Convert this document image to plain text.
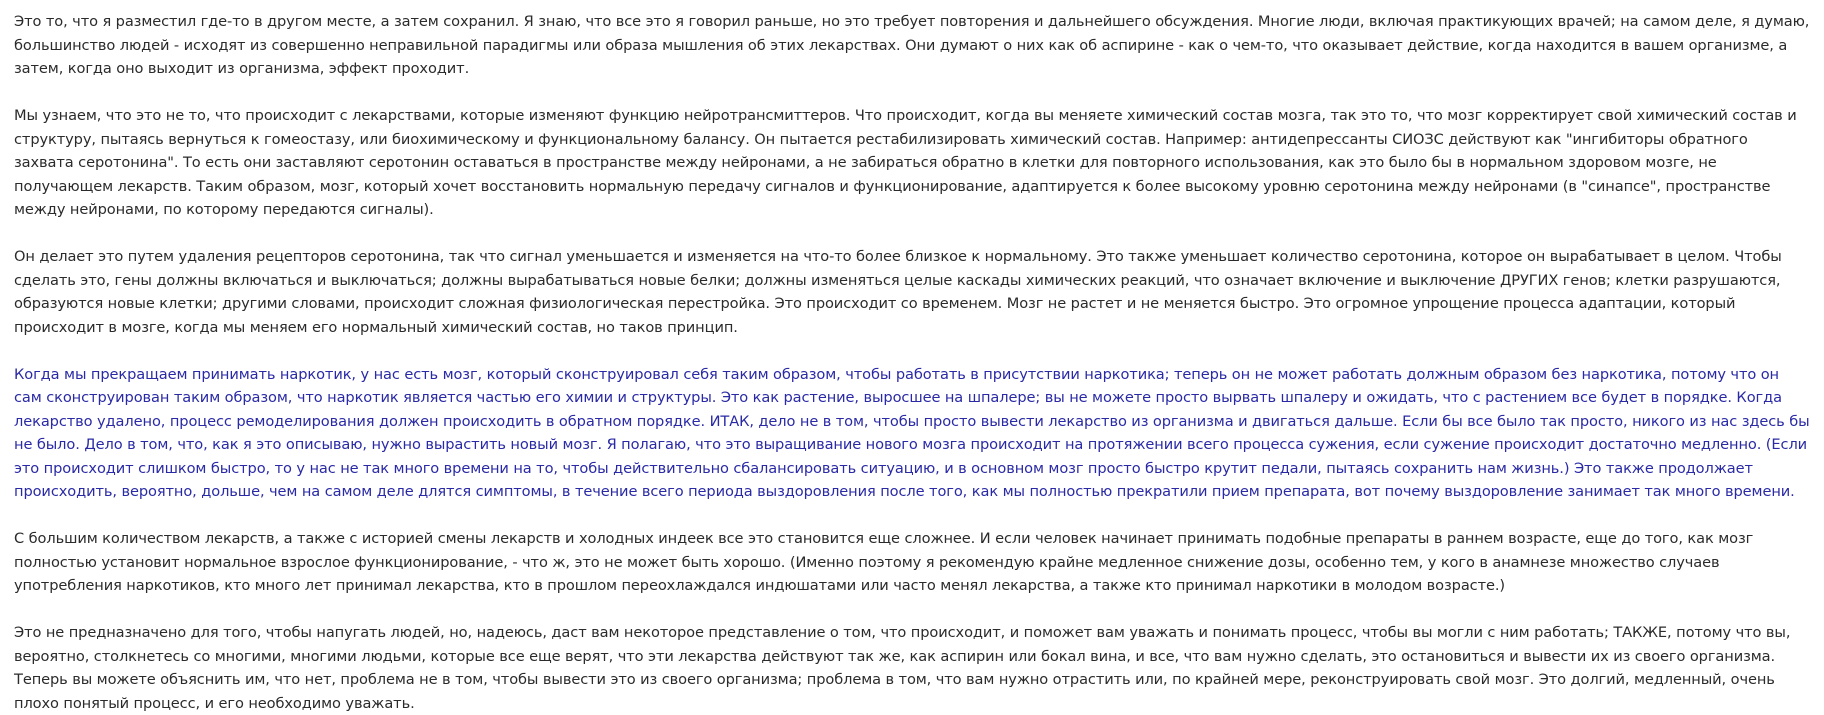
Это то, что я разместил где-то в другом месте, а затем сохранил. Я знаю, что все это я говорил раньше, но это требует повторения и дальнейшего обсуждения. Многие люди, включая практикующих врачей; на самом деле, я думаю, большинство людей - исходят из совершенно неправильной парадигмы или образа мышления об этих лекарствах. Они думают о них как об аспирине - как о чем-то, что оказывает действие, когда находится в вашем организме, а затем, когда оно выходит из организма, эффект проходит.

Мы узнаем, что это не то, что происходит с лекарствами, которые изменяют функцию нейротрансмиттеров. Что происходит, когда вы меняете химический состав мозга, так это то, что мозг корректирует свой химический состав и структуру, пытаясь вернуться к гомеостазу, или биохимическому и функциональному балансу. Он пытается рестабилизировать химический состав. Например: антидепрессанты СИОЗС действуют как "ингибиторы обратного захвата серотонина". То есть они заставляют серотонин оставаться в пространстве между нейронами, а не забираться обратно в клетки для повторного использования, как это было бы в нормальном здоровом мозге, не получающем лекарств. Таким образом, мозг, который хочет восстановить нормальную передачу сигналов и функционирование, адаптируется к более высокому уровню серотонина между нейронами (в "синапсе", пространстве между нейронами, по которому передаются сигналы).

Он делает это путем удаления рецепторов серотонина, так что сигнал уменьшается и изменяется на что-то более близкое к нормальному. Это также уменьшает количество серотонина, которое он вырабатывает в целом. Чтобы сделать это, гены должны включаться и выключаться; должны вырабатываться новые белки; должны изменяться целые каскады химических реакций, что означает включение и выключение ДРУГИХ генов; клетки разрушаются, образуются новые клетки; другими словами, происходит сложная физиологическая перестройка. Это происходит со временем. Мозг не растет и не меняется быстро. Это огромное упрощение процесса адаптации, который происходит в мозге, когда мы меняем его нормальный химический состав, но таков принцип.

Когда мы прекращаем принимать наркотик, у нас есть мозг, который сконструировал себя таким образом, чтобы работать в присутствии наркотика; теперь он не может работать должным образом без наркотика, потому что он сам сконструирован таким образом, что наркотик является частью его химии и структуры. Это как растение, выросшее на шпалере; вы не можете просто вырвать шпалеру и ожидать, что с растением все будет в порядке. Когда лекарство удалено, процесс ремоделирования должен происходить в обратном порядке. ИТАК, дело не в том, чтобы просто вывести лекарство из организма и двигаться дальше. Если бы все было так просто, никого из нас здесь бы не было. Дело в том, что, как я это описываю, нужно вырастить новый мозг. Я полагаю, что это выращивание нового мозга происходит на протяжении всего процесса сужения, если сужение происходит достаточно медленно. (Если это происходит слишком быстро, то у нас не так много времени на то, чтобы действительно сбалансировать ситуацию, и в основном мозг просто быстро крутит педали, пытаясь сохранить нам жизнь.) Это также продолжает происходить, вероятно, дольше, чем на самом деле длятся симптомы, в течение всего периода выздоровления после того, как мы полностью прекратили прием препарата, вот почему выздоровление занимает так много времени.

С большим количеством лекарств, а также с историей смены лекарств и холодных индеек все это становится еще сложнее. И если человек начинает принимать подобные препараты в раннем возрасте, еще до того, как мозг полностью установит нормальное взрослое функционирование, - что ж, это не может быть хорошо. (Именно поэтому я рекомендую крайне медленное снижение дозы, особенно тем, у кого в анамнезе множество случаев употребления наркотиков, кто много лет принимал лекарства, кто в прошлом переохлаждался индюшатами или часто менял лекарства, а также кто принимал наркотики в молодом возрасте.)

Это не предназначено для того, чтобы напугать людей, но, надеюсь, даст вам некоторое представление о том, что происходит, и поможет вам уважать и понимать процесс, чтобы вы могли с ним работать; ТАКЖЕ, потому что вы, вероятно, столкнетесь со многими, многими людьми, которые все еще верят, что эти лекарства действуют так же, как аспирин или бокал вина, и все, что вам нужно сделать, это остановиться и вывести их из своего организма. Теперь вы можете объяснить им, что нет, проблема не в том, чтобы вывести это из своего организма; проблема в том, что вам нужно отрастить или, по крайней мере, реконструировать свой мозг. Это долгий, медленный, очень плохо понятый процесс, и его необходимо уважать.
